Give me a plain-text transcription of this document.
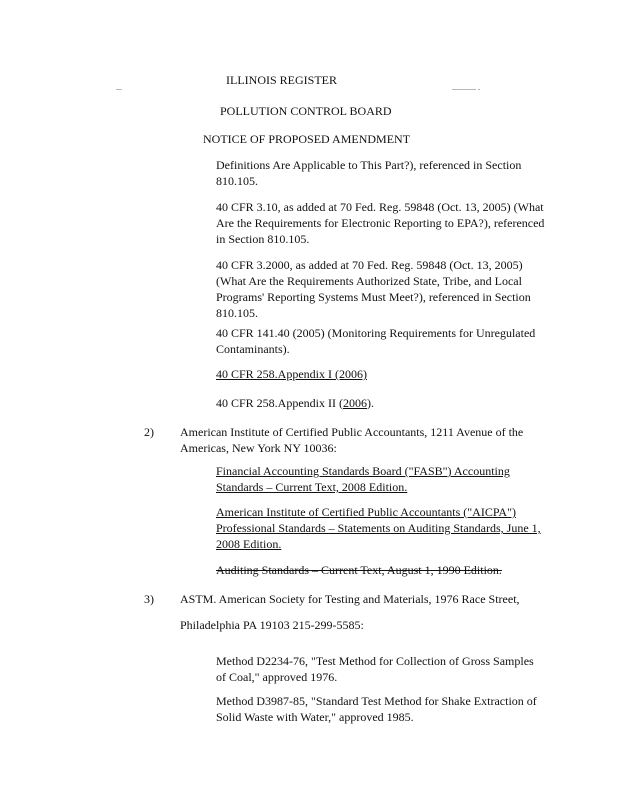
...
ILLINOIS REGISTER
............ .
POLLUTION CONTROL BOARD
NOTICE OF PROPOSED AMENDMENT

Definitions Are Applicable to This Part?), referenced in Section 810.105.

40 CFR 3.10, as added at 70 Fed. Reg. 59848 (Oct. 13, 2005) (What Are the Requirements for Electronic Reporting to EPA?), referenced in Section 810.105.

40 CFR 3.2000, as added at 70 Fed. Reg. 59848 (Oct. 13, 2005) (What Are the Requirements Authorized State, Tribe, and Local Programs' Reporting Systems Must Meet?), referenced in Section 810.105.

40 CFR 141.40 (2005) (Monitoring Requirements for Unregulated Contaminants).

40 CFR 258.Appendix I (2006)

40 CFR 258.Appendix II (2006).

2) American Institute of Certified Public Accountants, 1211 Avenue of the Americas, New York NY 10036:

Financial Accounting Standards Board ("FASB") Accounting Standards – Current Text, 2008 Edition.

American Institute of Certified Public Accountants ("AICPA") Professional Standards – Statements on Auditing Standards, June 1, 2008 Edition.

Auditing Standards – Current Text, August 1, 1990 Edition.

3) ASTM. American Society for Testing and Materials, 1976 Race Street,

Philadelphia PA 19103 215-299-5585:

Method D2234-76, "Test Method for Collection of Gross Samples of Coal," approved 1976.

Method D3987-85, "Standard Test Method for Shake Extraction of Solid Waste with Water," approved 1985.
